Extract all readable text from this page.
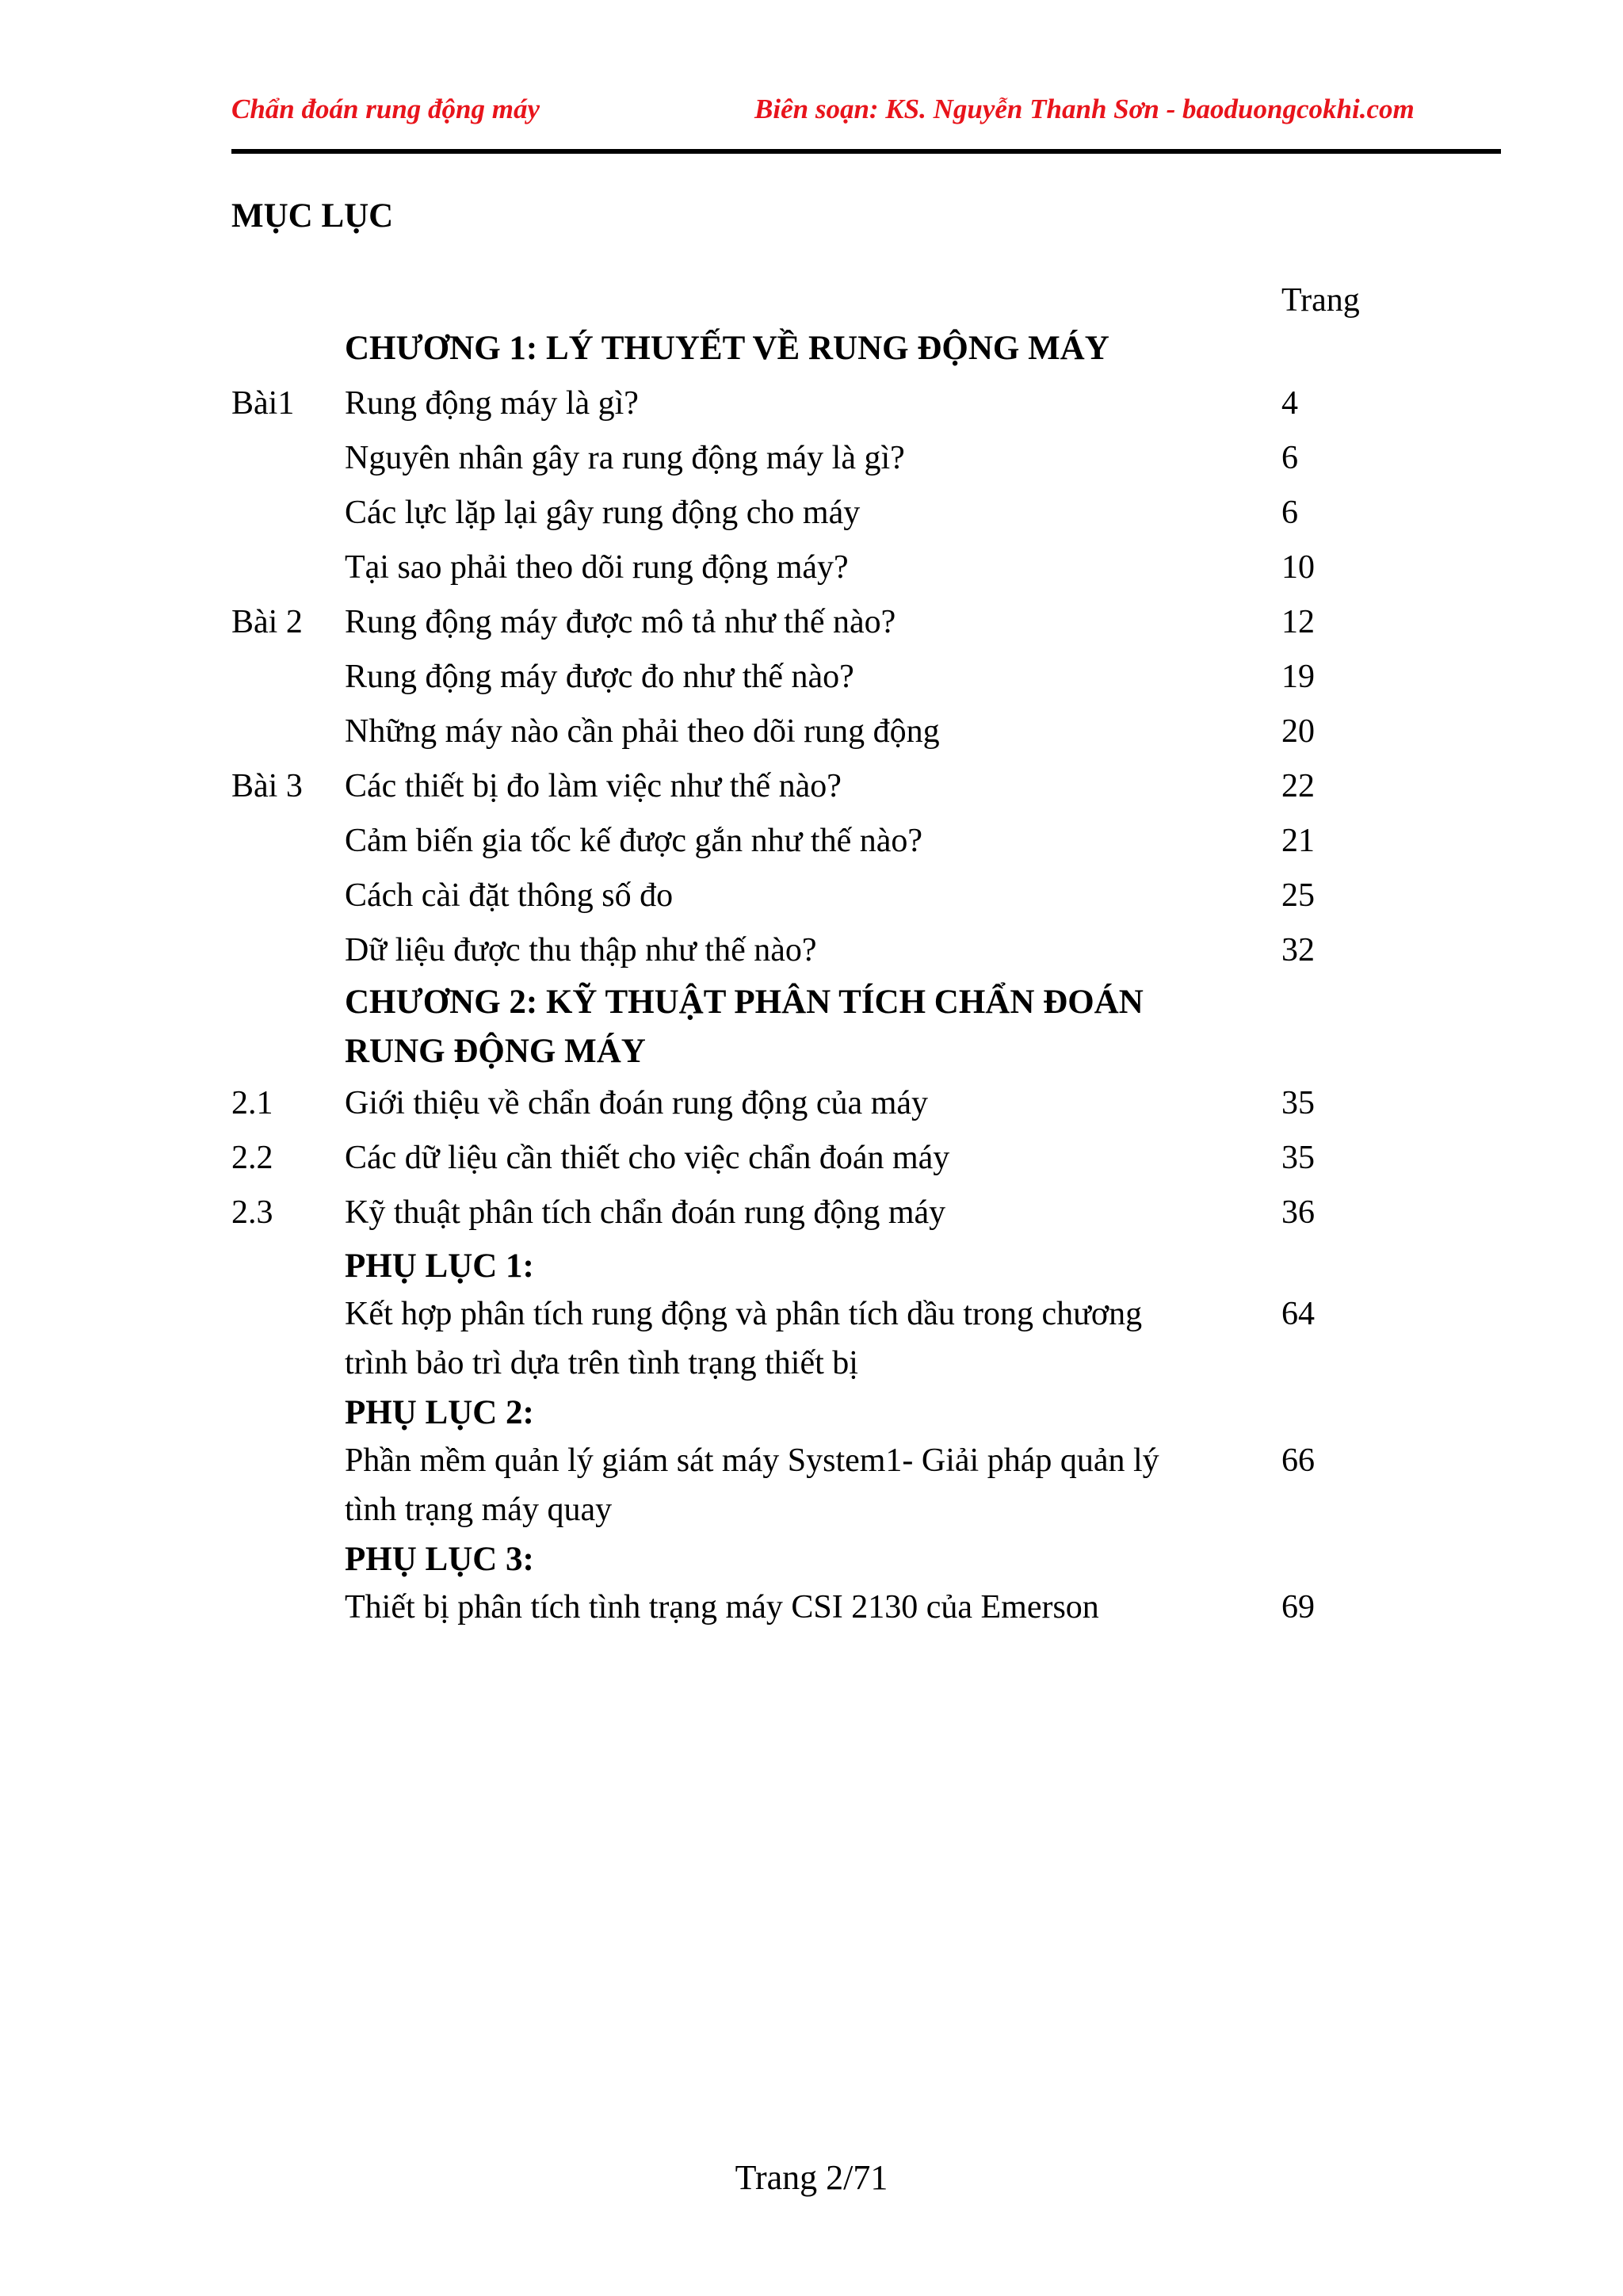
Chẩn đoán rung động máy	Biên soạn: KS. Nguyễn Thanh Sơn - baoduongcokhi.com
MỤC LỤC
Trang
CHƯƠNG 1: LÝ THUYẾT VỀ RUNG ĐỘNG MÁY
Bài1 Rung động máy là gì?	4
Nguyên nhân gây ra rung động máy là gì?	6
Các lực lặp lại gây rung động cho máy	6
Tại sao phải theo dõi rung động máy?	10
Bài 2 Rung động máy được mô tả như thế nào?	12
Rung động máy được đo như thế nào?	19
Những máy nào cần phải theo dõi rung động	20
Bài 3 Các thiết bị đo làm việc như thế nào?	22
Cảm biến gia tốc kế được gắn như thế nào?	21
Cách cài đặt thông số đo	25
Dữ liệu được thu thập như thế nào?	32
CHƯƠNG 2: KỸ THUẬT PHÂN TÍCH CHẨN ĐOÁN
RUNG ĐỘNG MÁY
2.1 Giới thiệu về chẩn đoán rung động của máy	35
2.2 Các dữ liệu cần thiết cho việc chẩn đoán máy	35
2.3 Kỹ thuật phân tích chẩn đoán rung động máy	36
PHỤ LỤC 1:
Kết hợp phân tích rung động và phân tích dầu trong chương	64
trình bảo trì dựa trên tình trạng thiết bị
PHỤ LỤC 2:
Phần mềm quản lý giám sát máy System1- Giải pháp quản lý	66
tình trạng máy quay
PHỤ LỤC 3:
Thiết bị phân tích tình trạng máy CSI 2130 của Emerson	69
Trang 2/71
